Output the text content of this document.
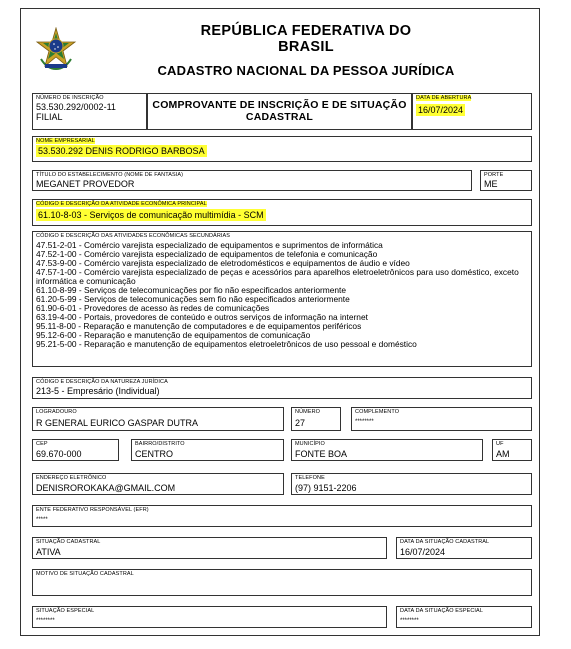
REPÚBLICA FEDERATIVA DO BRASIL
CADASTRO NACIONAL DA PESSOA JURÍDICA
NÚMERO DE INSCRIÇÃO
53.530.292/0002-11
FILIAL
COMPROVANTE DE INSCRIÇÃO E DE SITUAÇÃO
CADASTRAL
DATA DE ABERTURA
16/07/2024
NOME EMPRESARIAL
53.530.292 DENIS RODRIGO BARBOSA
TÍTULO DO ESTABELECIMENTO (NOME DE FANTASIA)
MEGANET PROVEDOR
PORTE
ME
CÓDIGO E DESCRIÇÃO DA ATIVIDADE ECONÔMICA PRINCIPAL
61.10-8-03 - Serviços de comunicação multimídia - SCM
CÓDIGO E DESCRIÇÃO DAS ATIVIDADES ECONÔMICAS SECUNDÁRIAS
47.51-2-01 - Comércio varejista especializado de equipamentos e suprimentos de informática
47.52-1-00 - Comércio varejista especializado de equipamentos de telefonia e comunicação
47.53-9-00 - Comércio varejista especializado de eletrodomésticos e equipamentos de áudio e vídeo
47.57-1-00 - Comércio varejista especializado de peças e acessórios para aparelhos eletroeletrônicos para uso doméstico, exceto informática e comunicação
61.10-8-99 - Serviços de telecomunicações por fio não especificados anteriormente
61.20-5-99 - Serviços de telecomunicações sem fio não especificados anteriormente
61.90-6-01 - Provedores de acesso às redes de comunicações
63.19-4-00 - Portais, provedores de conteúdo e outros serviços de informação na internet
95.11-8-00 - Reparação e manutenção de computadores e de equipamentos periféricos
95.12-6-00 - Reparação e manutenção de equipamentos de comunicação
95.21-5-00 - Reparação e manutenção de equipamentos eletroeletrônicos de uso pessoal e doméstico
CÓDIGO E DESCRIÇÃO DA NATUREZA JURÍDICA
213-5 - Empresário (Individual)
LOGRADOURO
R GENERAL EURICO GASPAR DUTRA
NÚMERO
27
COMPLEMENTO
********
CEP
69.670-000
BAIRRO/DISTRITO
CENTRO
MUNICÍPIO
FONTE BOA
UF
AM
ENDEREÇO ELETRÔNICO
DENISROROKAKA@GMAIL.COM
TELEFONE
(97) 9151-2206
ENTE FEDERATIVO RESPONSÁVEL (EFR)
*****
SITUAÇÃO CADASTRAL
ATIVA
DATA DA SITUAÇÃO CADASTRAL
16/07/2024
MOTIVO DE SITUAÇÃO CADASTRAL
SITUAÇÃO ESPECIAL
********
DATA DA SITUAÇÃO ESPECIAL
********
